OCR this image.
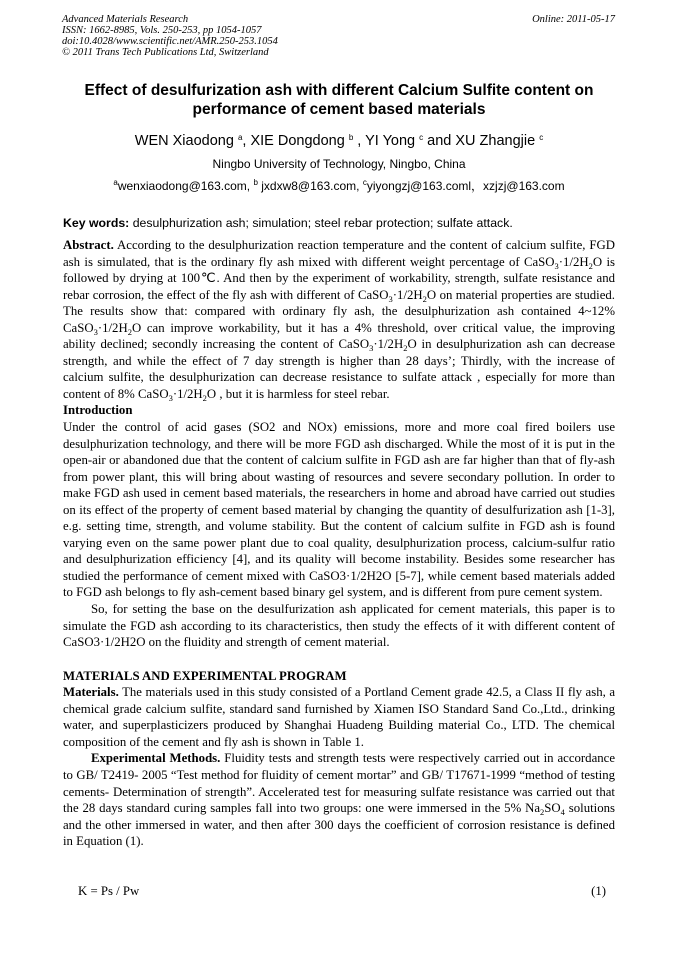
Advanced Materials Research
ISSN: 1662-8985, Vols. 250-253, pp 1054-1057
doi:10.4028/www.scientific.net/AMR.250-253.1054
© 2011 Trans Tech Publications Ltd, Switzerland
Online: 2011-05-17
Effect of desulfurization ash with different Calcium Sulfite content on
performance of cement based materials
WEN Xiaodong $^a$, XIE Dongdong $^b$ , YI Yong $^c$ and XU Zhangjie $^c$
Ningbo University of Technology, Ningbo, China
$^a$wenxiaodong@163.com, $^b$ jxdxw8@163.com, $^c$yiyongzj@163.coml，xzjzj@163.com
Key words: desulphurization ash; simulation; steel rebar protection; sulfate attack.

Abstract. According to the desulphurization reaction temperature and the content of calcium sulfite, FGD ash is simulated, that is the ordinary fly ash mixed with different weight percentage of $CaSO_3\cdot 1/2H_2O$ is followed by drying at 100℃. And then by the experiment of workability, strength, sulfate resistance and rebar corrosion, the effect of the fly ash with different of $CaSO_3\cdot 1/2H_2O$ on material properties are studied. The results show that: compared with ordinary fly ash, the desulphurization ash contained 4~12% $CaSO_3\cdot 1/2H_2O$ can improve workability, but it has a 4% threshold, over critical value, the improving ability declined; secondly increasing the content of $CaSO_3\cdot 1/2H_2O$ in desulphurization ash can decrease strength, and while the effect of 7 day strength is higher than 28 days’; Thirdly, with the increase of calcium sulfite, the desulphurization can decrease resistance to sulfate attack , especially for more than content of 8% $CaSO_3\cdot 1/2H_2O$ , but it is harmless for steel rebar.

Introduction

Under the control of acid gases (SO2 and NOx) emissions, more and more coal fired boilers use desulphurization technology, and there will be more FGD ash discharged. While the most of it is put in the open-air or abandoned due that the content of calcium sulfite in FGD ash are far higher than that of fly-ash from power plant, this will bring about wasting of resources and severe secondary pollution. In order to make FGD ash used in cement based materials, the researchers in home and abroad have carried out studies on its effect of the property of cement based material by changing the quantity of desulfurization ash [1-3], e.g. setting time, strength, and volume stability. But the content of calcium sulfite in FGD ash is found varying even on the same power plant due to coal quality, desulphurization process, calcium-sulfur ratio and desulphurization efficiency [4], and its quality will become instability. Besides some researcher has studied the performance of cement mixed with CaSO3·1/2H2O [5-7], while cement based materials added to FGD ash belongs to fly ash-cement based binary gel system, and is different from pure cement system.

So, for setting the base on the desulfurization ash applicated for cement materials, this paper is to simulate the FGD ash according to its characteristics, then study the effects of it with different content of CaSO3·1/2H2O on the fluidity and strength of cement material.

MATERIALS AND EXPERIMENTAL PROGRAM

Materials. The materials used in this study consisted of a Portland Cement grade 42.5, a Class II fly ash, a chemical grade calcium sulfite, standard sand furnished by Xiamen ISO Standard Sand Co.,Ltd., drinking water, and superplasticizers produced by Shanghai Huadeng Building material Co., LTD. The chemical composition of the cement and fly ash is shown in Table 1.

Experimental Methods. Fluidity tests and strength tests were respectively carried out in accordance to GB/ T2419- 2005 “Test method for fluidity of cement mortar” and GB/ T17671-1999 “method of testing cements- Determination of strength”. Accelerated test for measuring sulfate resistance was carried out that the 28 days standard curing samples fall into two groups: one were immersed in the 5% $Na_2SO_4$ solutions and the other immersed in water, and then after 300 days the coefficient of corrosion resistance is defined in Equation (1).

K = Ps / Pw	(1)
